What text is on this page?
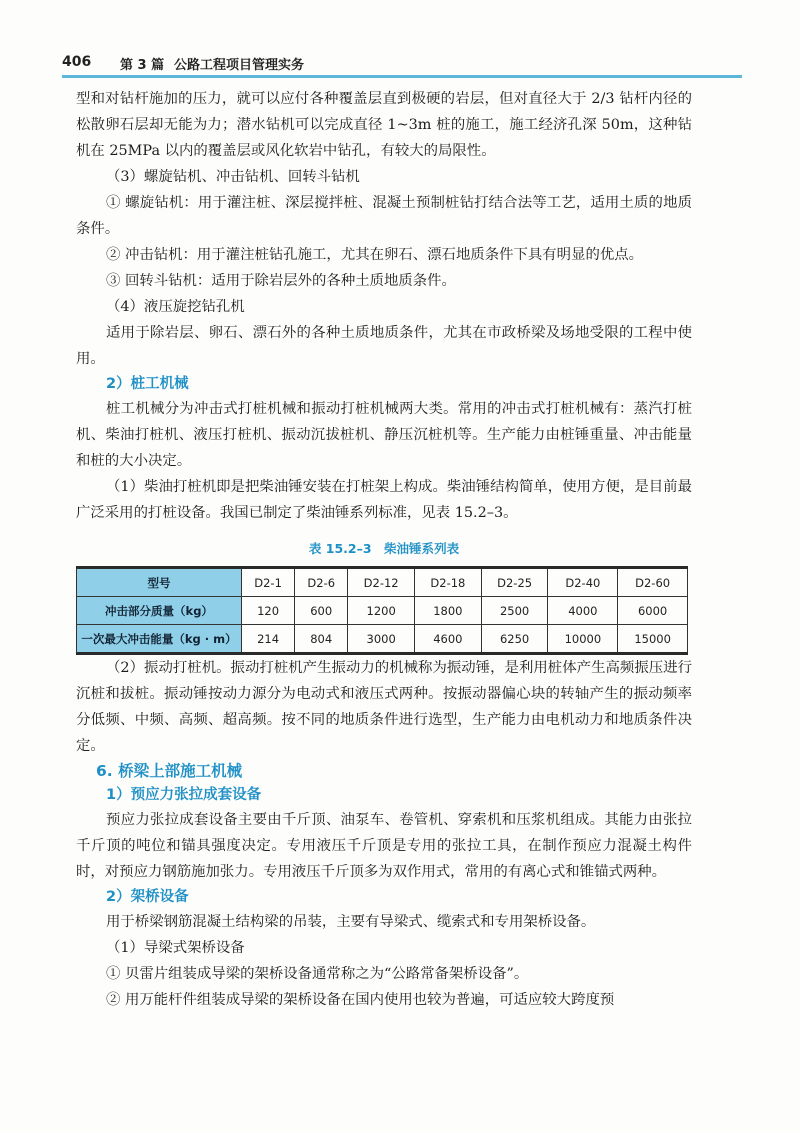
406 第 3 篇 公路工程项目管理实务

型和对钻杆施加的压力，就可以应付各种覆盖层直到极硬的岩层，但对直径大于 2/3 钻杆内径的松散卵石层却无能为力；潜水钻机可以完成直径 1~3m 桩的施工，施工经济孔深 50m，这种钻机在 25MPa 以内的覆盖层或风化软岩中钻孔，有较大的局限性。

（3）螺旋钻机、冲击钻机、回转斗钻机

① 螺旋钻机：用于灌注桩、深层搅拌桩、混凝土预制桩钻打结合法等工艺，适用土质的地质条件。

② 冲击钻机：用于灌注桩钻孔施工，尤其在卵石、漂石地质条件下具有明显的优点。

③ 回转斗钻机：适用于除岩层外的各种土质地质条件。

（4）液压旋挖钻孔机

适用于除岩层、卵石、漂石外的各种土质地质条件，尤其在市政桥梁及场地受限的工程中使用。

2）桩工机械

桩工机械分为冲击式打桩机械和振动打桩机械两大类。常用的冲击式打桩机械有：蒸汽打桩机、柴油打桩机、液压打桩机、振动沉拔桩机、静压沉桩机等。生产能力由桩锤重量、冲击能量和桩的大小决定。

（1）柴油打桩机即是把柴油锤安装在打桩架上构成。柴油锤结构简单，使用方便，是目前最广泛采用的打桩设备。我国已制定了柴油锤系列标准，见表 15.2–3。

表 15.2–3　柴油锤系列表
型号	D2-1	D2-6	D2-12	D2-18	D2-25	D2-40	D2-60
冲击部分质量（kg）	120	600	1200	1800	2500	4000	6000
一次最大冲击能量（kg · m）	214	804	3000	4600	6250	10000	15000

（2）振动打桩机。振动打桩机产生振动力的机械称为振动锤，是利用桩体产生高频振压进行沉桩和拔桩。振动锤按动力源分为电动式和液压式两种。按振动器偏心块的转轴产生的振动频率分低频、中频、高频、超高频。按不同的地质条件进行选型，生产能力由电机动力和地质条件决定。

6. 桥梁上部施工机械

1）预应力张拉成套设备

预应力张拉成套设备主要由千斤顶、油泵车、卷管机、穿索机和压浆机组成。其能力由张拉千斤顶的吨位和锚具强度决定。专用液压千斤顶是专用的张拉工具，在制作预应力混凝土构件时，对预应力钢筋施加张力。专用液压千斤顶多为双作用式，常用的有离心式和锥锚式两种。

2）架桥设备

用于桥梁钢筋混凝土结构梁的吊装，主要有导梁式、缆索式和专用架桥设备。

（1）导梁式架桥设备

① 贝雷片组装成导梁的架桥设备通常称之为“公路常备架桥设备”。

② 用万能杆件组装成导梁的架桥设备在国内使用也较为普遍，可适应较大跨度预
